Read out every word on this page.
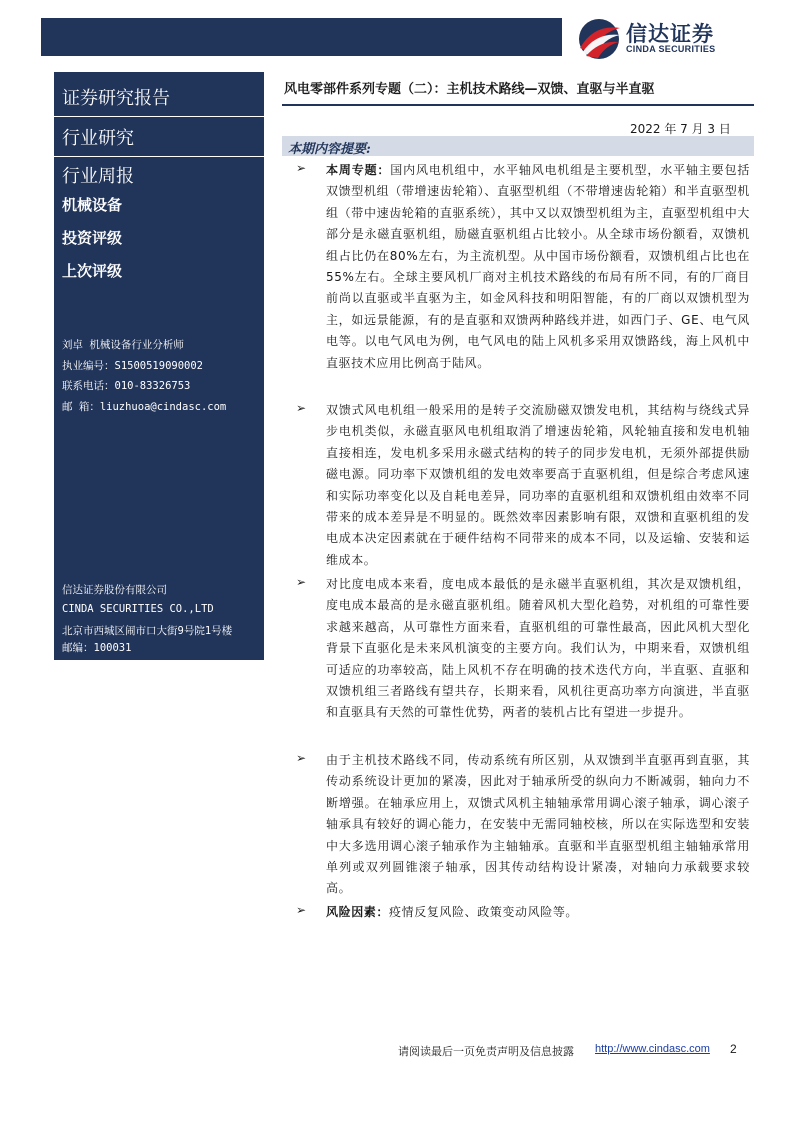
信达证券
CINDA SECURITIES
证券研究报告
行业研究
行业周报
机械设备
投资评级
上次评级
刘卓 机械设备行业分析师
执业编号：S1500519090002
联系电话：010-83326753
邮 箱：liuzhuoa@cindasc.com
信达证券股份有限公司
CINDA SECURITIES CO.,LTD
北京市西城区闹市口大街9号院1号楼
邮编：100031
风电零部件系列专题（二）：主机技术路线—双馈、直驱与半直驱
2022 年 7 月 3 日
本期内容提要:
➢ 本周专题：国内风电机组中，水平轴风电机组是主要机型，水平轴主要包括双馈型机组（带增速齿轮箱）、直驱型机组（不带增速齿轮箱）和半直驱型机组（带中速齿轮箱的直驱系统），其中又以双馈型机组为主，直驱型机组中大部分是永磁直驱机组，励磁直驱机组占比较小。从全球市场份额看，双馈机组占比仍在80%左右，为主流机型。从中国市场份额看，双馈机组占比也在55%左右。全球主要风机厂商对主机技术路线的布局有所不同，有的厂商目前尚以直驱或半直驱为主，如金风科技和明阳智能，有的厂商以双馈机型为主，如远景能源，有的是直驱和双馈两种路线并进，如西门子、GE、电气风电等。以电气风电为例，电气风电的陆上风机多采用双馈路线，海上风机中直驱技术应用比例高于陆风。
➢ 双馈式风电机组一般采用的是转子交流励磁双馈发电机，其结构与绕线式异步电机类似，永磁直驱风电机组取消了增速齿轮箱，风轮轴直接和发电机轴直接相连，发电机多采用永磁式结构的转子的同步发电机，无须外部提供励磁电源。同功率下双馈机组的发电效率要高于直驱机组，但是综合考虑风速和实际功率变化以及自耗电差异，同功率的直驱机组和双馈机组由效率不同带来的成本差异是不明显的。既然效率因素影响有限，双馈和直驱机组的发电成本决定因素就在于硬件结构不同带来的成本不同，以及运输、安装和运维成本。
➢ 对比度电成本来看，度电成本最低的是永磁半直驱机组，其次是双馈机组，度电成本最高的是永磁直驱机组。随着风机大型化趋势，对机组的可靠性要求越来越高，从可靠性方面来看，直驱机组的可靠性最高，因此风机大型化背景下直驱化是未来风机演变的主要方向。我们认为，中期来看，双馈机组可适应的功率较高，陆上风机不存在明确的技术迭代方向，半直驱、直驱和双馈机组三者路线有望共存，长期来看，风机往更高功率方向演进，半直驱和直驱具有天然的可靠性优势，两者的装机占比有望进一步提升。
➢ 由于主机技术路线不同，传动系统有所区别，从双馈到半直驱再到直驱，其传动系统设计更加的紧凑，因此对于轴承所受的纵向力不断减弱，轴向力不断增强。在轴承应用上，双馈式风机主轴轴承常用调心滚子轴承，调心滚子轴承具有较好的调心能力，在安装中无需同轴校核，所以在实际选型和安装中大多选用调心滚子轴承作为主轴轴承。直驱和半直驱型机组主轴轴承常用单列或双列圆锥滚子轴承，因其传动结构设计紧凑，对轴向力承载要求较高。
➢ 风险因素：疫情反复风险、政策变动风险等。
请阅读最后一页免责声明及信息披露 http://www.cindasc.com 2
